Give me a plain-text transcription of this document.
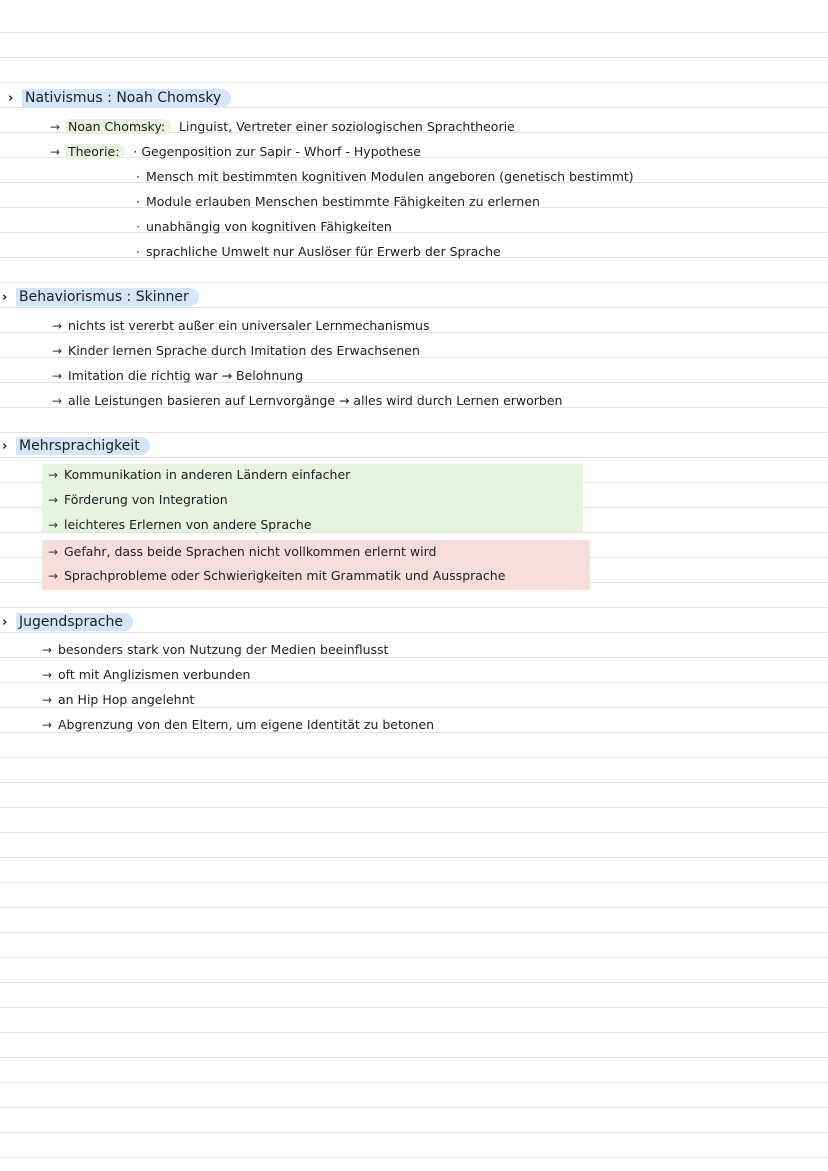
› Nativismus : Noah Chomsky
→ Noan Chomsky: Linguist, Vertreter einer soziologischen Sprachtheorie
→ Theorie: · Gegenposition zur Sapir - Whorf - Hypothese
· Mensch mit bestimmten kognitiven Modulen angeboren (genetisch bestimmt)
· Module erlauben Menschen bestimmte Fähigkeiten zu erlernen
· unabhängig von kognitiven Fähigkeiten
· sprachliche Umwelt nur Auslöser für Erwerb der Sprache
› Behaviorismus : Skinner
→ nichts ist vererbt außer ein universaler Lernmechanismus
→ Kinder lernen Sprache durch Imitation des Erwachsenen
→ Imitation die richtig war → Belohnung
→ alle Leistungen basieren auf Lernvorgänge → alles wird durch Lernen erworben
› Mehrsprachigkeit
→ Kommunikation in anderen Ländern einfacher
→ Förderung von Integration
→ leichteres Erlernen von andere Sprache
→ Gefahr, dass beide Sprachen nicht vollkommen erlernt wird
→ Sprachprobleme oder Schwierigkeiten mit Grammatik und Aussprache
› Jugendsprache
→ besonders stark von Nutzung der Medien beeinflusst
→ oft mit Anglizismen verbunden
→ an Hip Hop angelehnt
→ Abgrenzung von den Eltern, um eigene Identität zu betonen
